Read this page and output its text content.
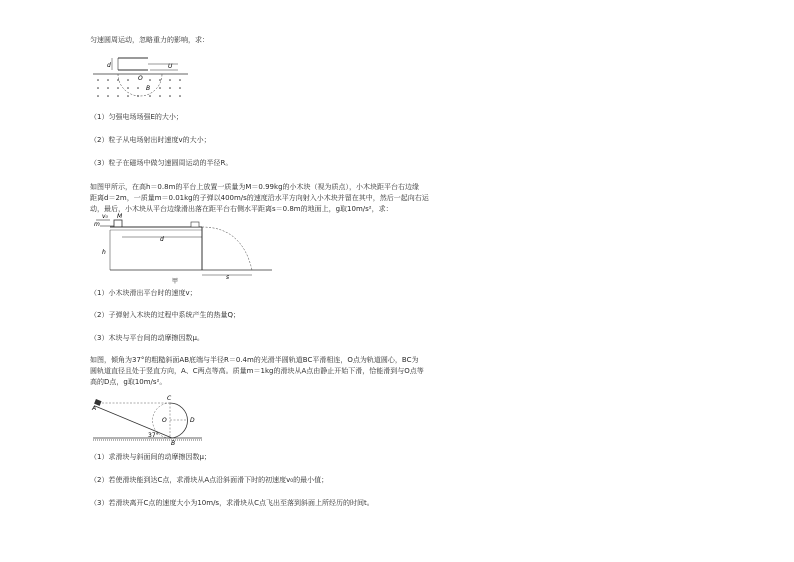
匀速圆周运动，忽略重力的影响，求：
d	U
O
B
（1）匀强电场场强E的大小；
（2）粒子从电场射出时速度v的大小；
（3）粒子在磁场中做匀速圆周运动的半径R。
如图甲所示，在高h＝0.8m的平台上放置一质量为M＝0.99kg的小木块（视为质点），小木块距平台右边缘
距离d＝2m，一质量m＝0.01kg的子弹以400m/s的速度沿水平方向射入小木块并留在其中，然后一起向右运
动，最后，小木块从平台边缘滑出落在距平台右侧水平距离s＝0.8m的地面上，g取10m/s²，求：
v₀
m
M
d
h
s
甲
（1）小木块滑出平台时的速度v；
（2）子弹射入木块的过程中系统产生的热量Q；
（3）木块与平台间的动摩擦因数μ。
如图，倾角为37°的粗糙斜面AB底端与半径R＝0.4m的光滑半圆轨道BC平滑相连，O点为轨道圆心，BC为
圆轨道直径且处于竖直方向，A、C两点等高。质量m＝1kg的滑块从A点由静止开始下滑，恰能滑到与O点等
高的D点，g取10m/s²。
A
C
O	D
37°
B
（1）求滑块与斜面间的动摩擦因数μ；
（2）若使滑块能到达C点，求滑块从A点沿斜面滑下时的初速度v₀的最小值；
（3）若滑块离开C点的速度大小为10m/s，求滑块从C点飞出至落到斜面上所经历的时间t。
